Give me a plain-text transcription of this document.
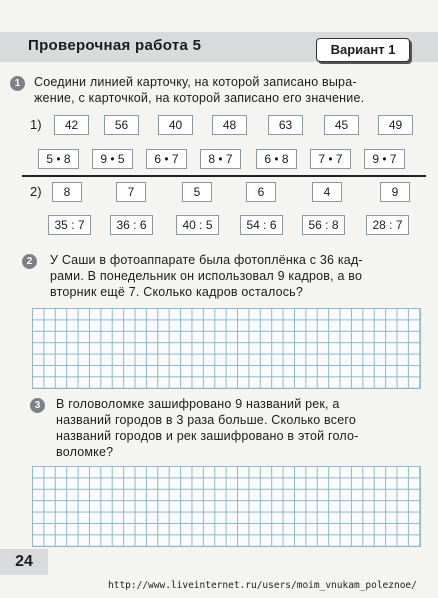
Проверочная работа 5	Вариант 1
1	Соедини линией карточку, на которой записано выра-
жение, с карточкой, на которой записано его значение.
1)	42	56	40	48	63	45	49
5 • 8	9 • 5	6 • 7	8 • 7	6 • 8	7 • 7	9 • 7
2)	8	7	5	6	4	9
35 : 7	36 : 6	40 : 5	54 : 6	56 : 8	28 : 7
2	У Саши в фотоаппарате была фотоплёнка с 36 кад-
рами. В понедельник он использовал 9 кадров, а во
вторник ещё 7. Сколько кадров осталось?
3	В головоломке зашифровано 9 названий рек, а
названий городов в 3 раза больше. Сколько всего
названий городов и рек зашифровано в этой голо-
воломке?
24
http://www.liveinternet.ru/users/moim_vnukam_poleznoe/
